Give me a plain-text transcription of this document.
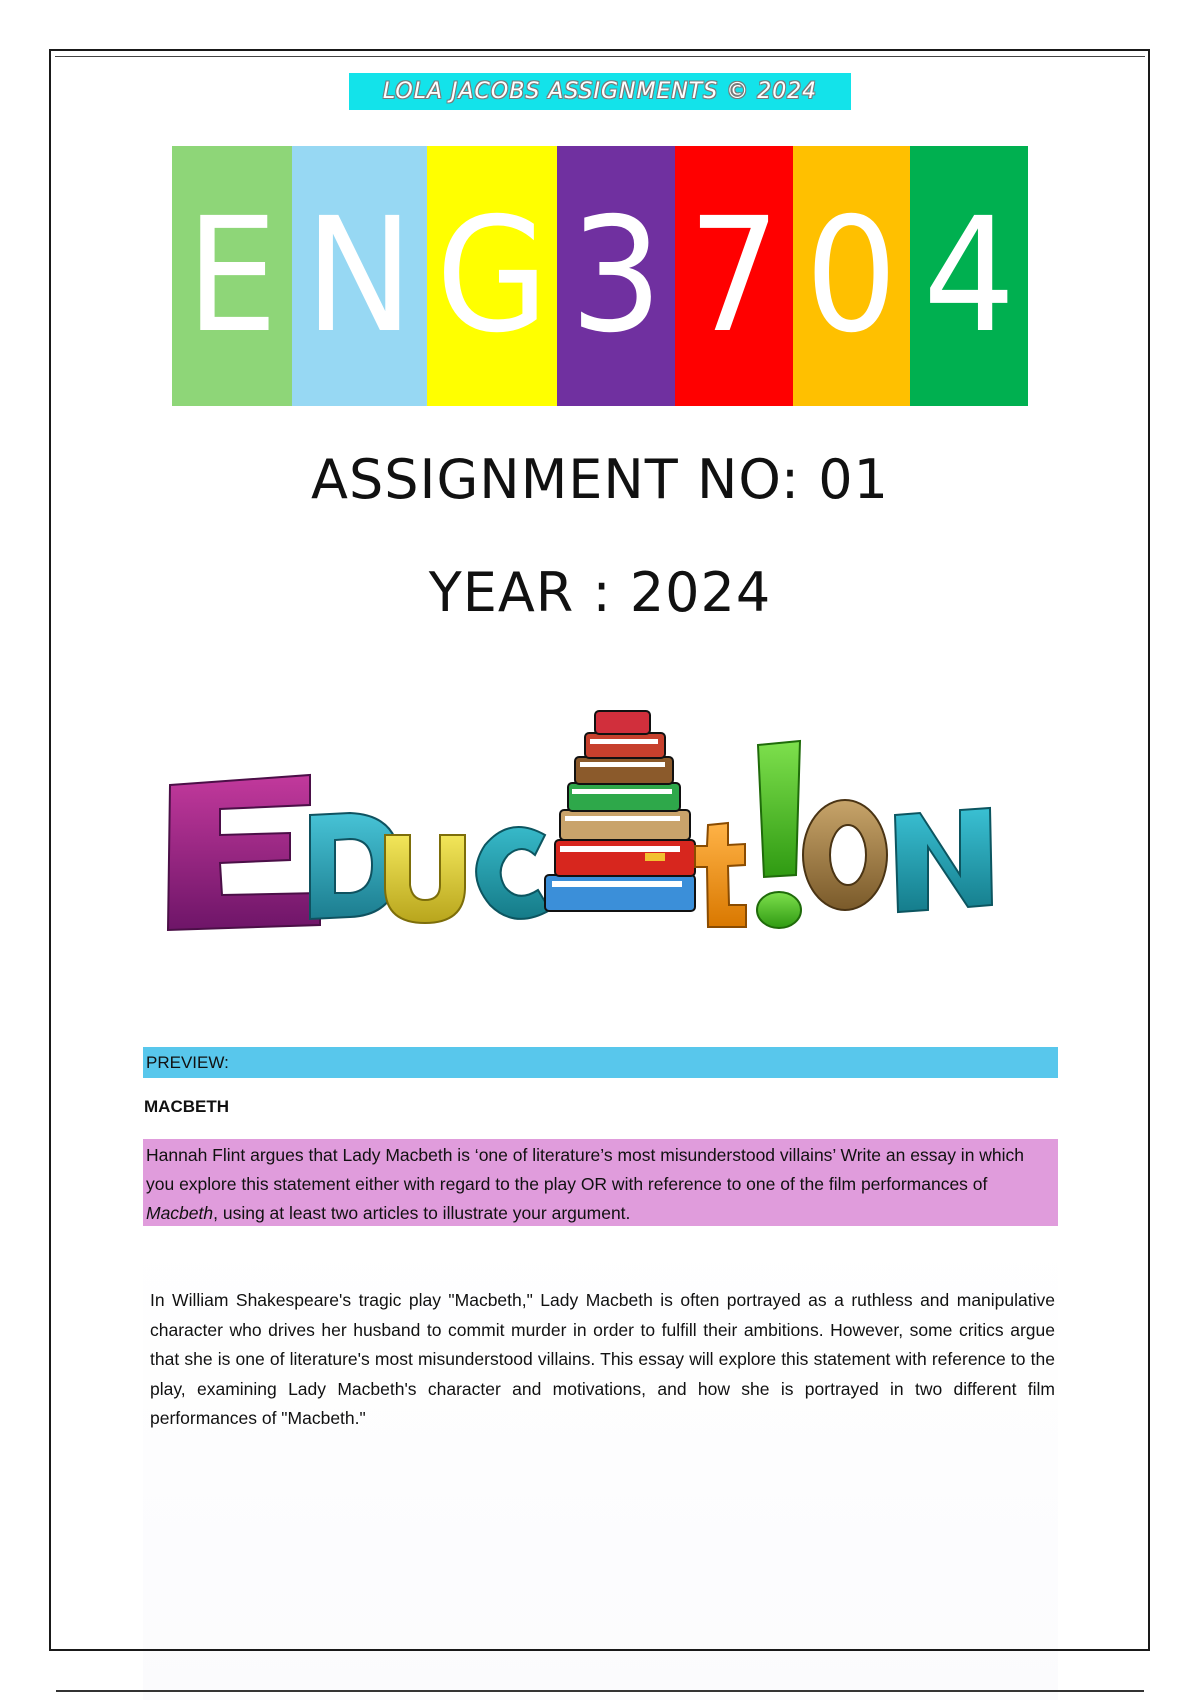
LOLA JACOBS ASSIGNMENTS © 2024
E N G 3 7 0 4
ASSIGNMENT NO: 01
YEAR : 2024
PREVIEW:
MACBETH
Hannah Flint argues that Lady Macbeth is ‘one of literature’s most misunderstood villains’ Write an essay in which you explore this statement either with regard to the play OR with reference to one of the film performances of Macbeth, using at least two articles to illustrate your argument.
In William Shakespeare's tragic play "Macbeth," Lady Macbeth is often portrayed as a ruthless and manipulative character who drives her husband to commit murder in order to fulfill their ambitions. However, some critics argue that she is one of literature's most misunderstood villains. This essay will explore this statement with reference to the play, examining Lady Macbeth's character and motivations, and how she is portrayed in two different film performances of "Macbeth."
